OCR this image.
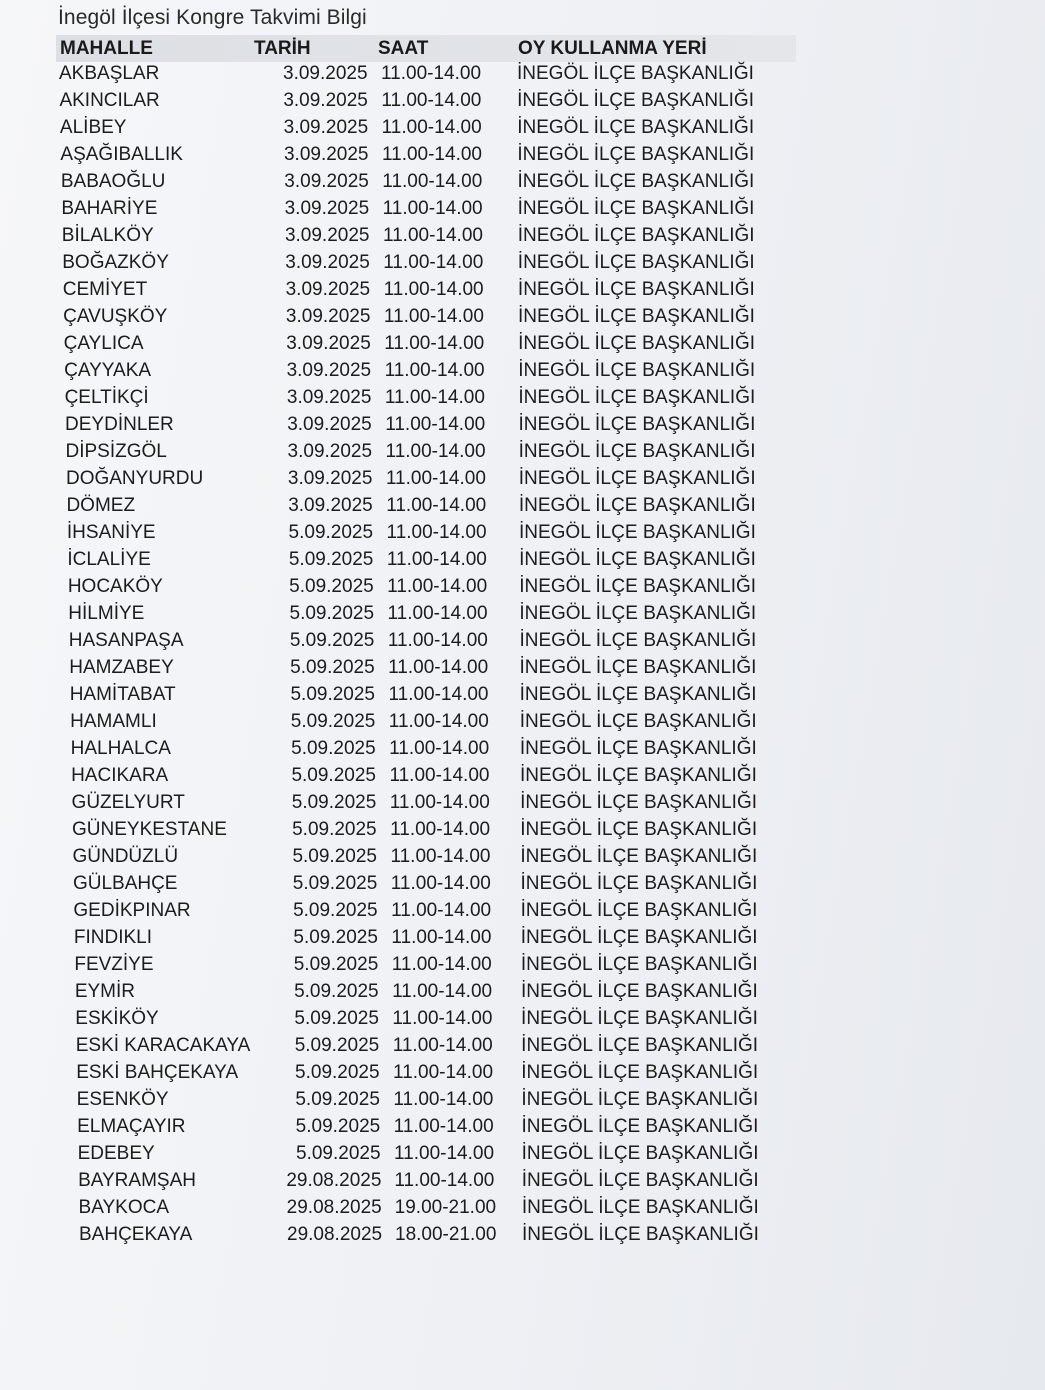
İnegöl İlçesi Kongre Takvimi Bilgi
MAHALLE	TARİH	SAAT	OY KULLANMA YERİ
AKBAŞLAR	3.09.2025 11.00-14.00 İNEGÖL İLÇE BAŞKANLIĞI
AKINCILAR	3.09.2025 11.00-14.00 İNEGÖL İLÇE BAŞKANLIĞI
ALİBEY	3.09.2025 11.00-14.00 İNEGÖL İLÇE BAŞKANLIĞI
AŞAĞIBALLIK	3.09.2025 11.00-14.00 İNEGÖL İLÇE BAŞKANLIĞI
BABAOĞLU	3.09.2025 11.00-14.00 İNEGÖL İLÇE BAŞKANLIĞI
BAHARİYE	3.09.2025 11.00-14.00 İNEGÖL İLÇE BAŞKANLIĞI
BİLALKÖY	3.09.2025 11.00-14.00 İNEGÖL İLÇE BAŞKANLIĞI
BOĞAZKÖY	3.09.2025 11.00-14.00 İNEGÖL İLÇE BAŞKANLIĞI
CEMİYET	3.09.2025 11.00-14.00 İNEGÖL İLÇE BAŞKANLIĞI
ÇAVUŞKÖY	3.09.2025 11.00-14.00 İNEGÖL İLÇE BAŞKANLIĞI
ÇAYLICA	3.09.2025 11.00-14.00 İNEGÖL İLÇE BAŞKANLIĞI
ÇAYYAKA	3.09.2025 11.00-14.00 İNEGÖL İLÇE BAŞKANLIĞI
ÇELTİKÇİ	3.09.2025 11.00-14.00 İNEGÖL İLÇE BAŞKANLIĞI
DEYDİNLER	3.09.2025 11.00-14.00 İNEGÖL İLÇE BAŞKANLIĞI
DİPSİZGÖL	3.09.2025 11.00-14.00 İNEGÖL İLÇE BAŞKANLIĞI
DOĞANYURDU	3.09.2025 11.00-14.00 İNEGÖL İLÇE BAŞKANLIĞI
DÖMEZ	3.09.2025 11.00-14.00 İNEGÖL İLÇE BAŞKANLIĞI
İHSANİYE	5.09.2025 11.00-14.00 İNEGÖL İLÇE BAŞKANLIĞI
İCLALİYE	5.09.2025 11.00-14.00 İNEGÖL İLÇE BAŞKANLIĞI
HOCAKÖY	5.09.2025 11.00-14.00 İNEGÖL İLÇE BAŞKANLIĞI
HİLMİYE	5.09.2025 11.00-14.00 İNEGÖL İLÇE BAŞKANLIĞI
HASANPAŞA	5.09.2025 11.00-14.00 İNEGÖL İLÇE BAŞKANLIĞI
HAMZABEY	5.09.2025 11.00-14.00 İNEGÖL İLÇE BAŞKANLIĞI
HAMİTABAT	5.09.2025 11.00-14.00 İNEGÖL İLÇE BAŞKANLIĞI
HAMAMLI	5.09.2025 11.00-14.00 İNEGÖL İLÇE BAŞKANLIĞI
HALHALCA	5.09.2025 11.00-14.00 İNEGÖL İLÇE BAŞKANLIĞI
HACIKARA	5.09.2025 11.00-14.00 İNEGÖL İLÇE BAŞKANLIĞI
GÜZELYURT	5.09.2025 11.00-14.00 İNEGÖL İLÇE BAŞKANLIĞI
GÜNEYKESTANE	5.09.2025 11.00-14.00 İNEGÖL İLÇE BAŞKANLIĞI
GÜNDÜZLÜ	5.09.2025 11.00-14.00 İNEGÖL İLÇE BAŞKANLIĞI
GÜLBAHÇE	5.09.2025 11.00-14.00 İNEGÖL İLÇE BAŞKANLIĞI
GEDİKPINAR	5.09.2025 11.00-14.00 İNEGÖL İLÇE BAŞKANLIĞI
FINDIKLI	5.09.2025 11.00-14.00 İNEGÖL İLÇE BAŞKANLIĞI
FEVZİYE	5.09.2025 11.00-14.00 İNEGÖL İLÇE BAŞKANLIĞI
EYMİR	5.09.2025 11.00-14.00 İNEGÖL İLÇE BAŞKANLIĞI
ESKİKÖY	5.09.2025 11.00-14.00 İNEGÖL İLÇE BAŞKANLIĞI
ESKİ KARACAKAYA 5.09.2025 11.00-14.00 İNEGÖL İLÇE BAŞKANLIĞI
ESKİ BAHÇEKAYA	5.09.2025 11.00-14.00 İNEGÖL İLÇE BAŞKANLIĞI
ESENKÖY	5.09.2025 11.00-14.00 İNEGÖL İLÇE BAŞKANLIĞI
ELMAÇAYIR	5.09.2025 11.00-14.00 İNEGÖL İLÇE BAŞKANLIĞI
EDEBEY	5.09.2025 11.00-14.00 İNEGÖL İLÇE BAŞKANLIĞI
BAYRAMŞAH	29.08.2025 11.00-14.00 İNEGÖL İLÇE BAŞKANLIĞI
BAYKOCA	29.08.2025 19.00-21.00 İNEGÖL İLÇE BAŞKANLIĞI
BAHÇEKAYA	29.08.2025 18.00-21.00 İNEGÖL İLÇE BAŞKANLIĞI
